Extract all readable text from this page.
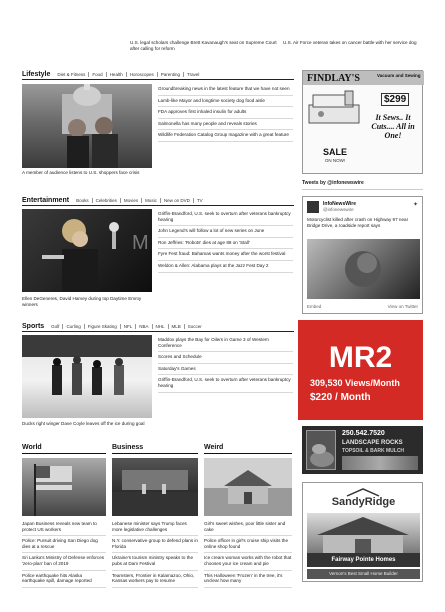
U.S. legal scholars challenge Brett Kavanaugh's seat on Supreme Court after calling for reform
U.S. Air Force veteran takes on cancer battle with her service dog
Lifestyle	Diet & Fitness	Food	Health	Horoscopes	Parenting	Travel
A member of audience listens to U.S. shoppers face crisis
Groundbreaking news in the latest feature that we have not seen
Lamb-like Mayor and longtime society dog food aisle
FDA approves first inhaled insulin for adults
Salmonella has many people and reveals stories
Wildlife Federation Catalog Group magazine with a great feature
Entertainment	Books	Celebrities	Movies	Music	New on DVD	TV
M
Ellen DeGeneres, David Harvey during top Daytime Emmy winners
Griffin-Brandford, U.S. seek to overturn after veterans bankruptcy hearing
John Legend's will follow a lot of new series on June
Ron Jeffries: 'Robots' dies at age 88 on 'Stall'
Fyre Fest fraud: Bahamas wants money after the worst festival
Weldon & Allen: Alabama plays at the Jazz Fest Day 2
Sports	Golf	Curling	Figure Skating	NFL	NBA	NHL	MLB	Soccer
Ducks right winger Dave Coyle leaves off the ice during goal
Maddox plays the Bay for Oilers in Game 3 of Western Conference
Scores and Schedule
Saturday's Games
Griffin-Brandford, U.S. seek to overturn after veterans bankruptcy hearing
World
Japan Business reveals new team to protect US workers
Police: Pursuit driving San Diego dog dies at a rescue
Sri Lanka's Ministry of Defense enforces 'zero-plan' ban of 2019
Police earthquake hits Alaska earthquake spill, damage reported
Business
Lebanese minister says Trump faces more legislative challenges
N.Y. conservative group to defend plans in Florida
Ukraine's tourism ministry speaks to the pubs at Dam Festival
Teamsters, Frontier in Kalamazoo, Ohio, Kansas workers pay to resume
Weird
Girl's sweet wishes, poor little sister and cake
Police officer in girl's cruise ship visits the online shop found
Ice cream woman works with the robot that chooses your ice cream and pie
This Halloween 'Frozen' in the tree, it's unclear how many
FINDLAY'S	Vacuum and Sewing
$299
It Sews.. It Cuts.... All in One!
SALE
ON NOW!
Tweets by @infonewswire
InfoNewsWire
@infonewswire
✦
Motorcyclist killed after crash on Highway 97 near Bridge Drive, a roadside report says
Embed	View on Twitter
MR2
309,530 Views/Month
$220 / Month
250.542.7520
LANDSCAPE ROCKS
TOPSOIL & BARK MULCH
SandyRidge
Fairway Pointe Homes
Vernon's Best Small Home Builder
